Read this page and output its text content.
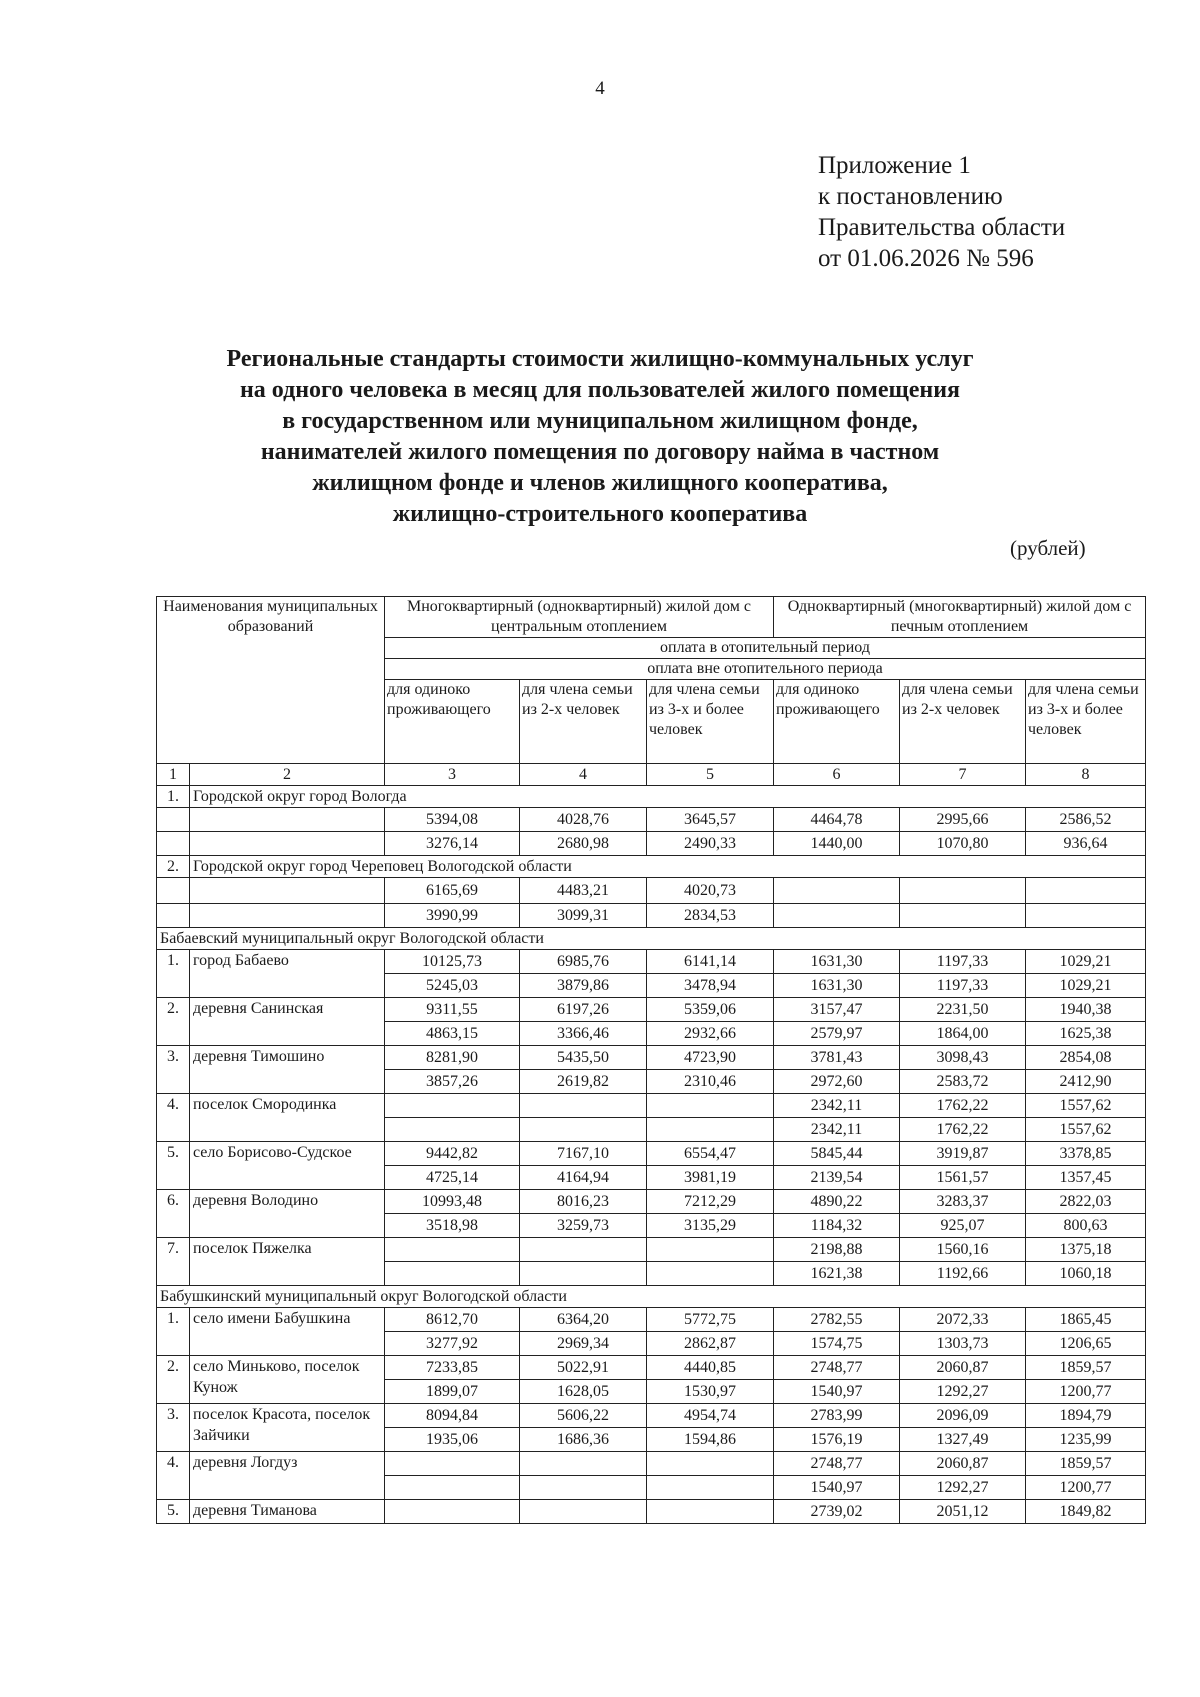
4
Приложение 1
к постановлению
Правительства области
от 01.06.2026 № 596
Региональные стандарты стоимости жилищно-коммунальных услуг
на одного человека в месяц для пользователей жилого помещения
в государственном или муниципальном жилищном фонде,
нанимателей жилого помещения по договору найма в частном
жилищном фонде и членов жилищного кооператива,
жилищно-строительного кооператива
(рублей)
Наименования муниципальных образований		Многоквартирный (одноквартирный) жилой дом с центральным отоплением			Одноквартирный (многоквартирный) жилой дом с печным отоплением		
		оплата в отопительный период					
		оплата вне отопительного периода					
		для одиноко проживающего	для члена семьи из 2-х человек	для члена семьи из 3-х и более человек	для одиноко проживающего	для члена семьи из 2-х человек	для члена семьи из 3-х и более человек
1	2	3	4	5	6	7	8
1.	Городской округ город Вологда						
		5394,08	4028,76	3645,57	4464,78	2995,66	2586,52
		3276,14	2680,98	2490,33	1440,00	1070,80	936,64
2.	Городской округ город Череповец Вологодской области						
		6165,69	4483,21	4020,73			
		3990,99	3099,31	2834,53			
Бабаевский муниципальный округ Вологодской области							
1.	город Бабаево	10125,73	6985,76	6141,14	1631,30	1197,33	1029,21
		5245,03	3879,86	3478,94	1631,30	1197,33	1029,21
2.	деревня Санинская	9311,55	6197,26	5359,06	3157,47	2231,50	1940,38
		4863,15	3366,46	2932,66	2579,97	1864,00	1625,38
3.	деревня Тимошино	8281,90	5435,50	4723,90	3781,43	3098,43	2854,08
		3857,26	2619,82	2310,46	2972,60	2583,72	2412,90
4.	поселок Смородинка				2342,11	1762,22	1557,62
					2342,11	1762,22	1557,62
5.	село Борисово-Судское	9442,82	7167,10	6554,47	5845,44	3919,87	3378,85
		4725,14	4164,94	3981,19	2139,54	1561,57	1357,45
6.	деревня Володино	10993,48	8016,23	7212,29	4890,22	3283,37	2822,03
		3518,98	3259,73	3135,29	1184,32	925,07	800,63
7.	поселок Пяжелка				2198,88	1560,16	1375,18
					1621,38	1192,66	1060,18
Бабушкинский муниципальный округ Вологодской области							
1.	село имени Бабушкина	8612,70	6364,20	5772,75	2782,55	2072,33	1865,45
		3277,92	2969,34	2862,87	1574,75	1303,73	1206,65
2.	село Миньково, поселок Кунож	7233,85	5022,91	4440,85	2748,77	2060,87	1859,57
		1899,07	1628,05	1530,97	1540,97	1292,27	1200,77
3.	поселок Красота, поселок Зайчики	8094,84	5606,22	4954,74	2783,99	2096,09	1894,79
		1935,06	1686,36	1594,86	1576,19	1327,49	1235,99
4.	деревня Логдуз				2748,77	2060,87	1859,57
					1540,97	1292,27	1200,77
5.	деревня Тиманова				2739,02	2051,12	1849,82
